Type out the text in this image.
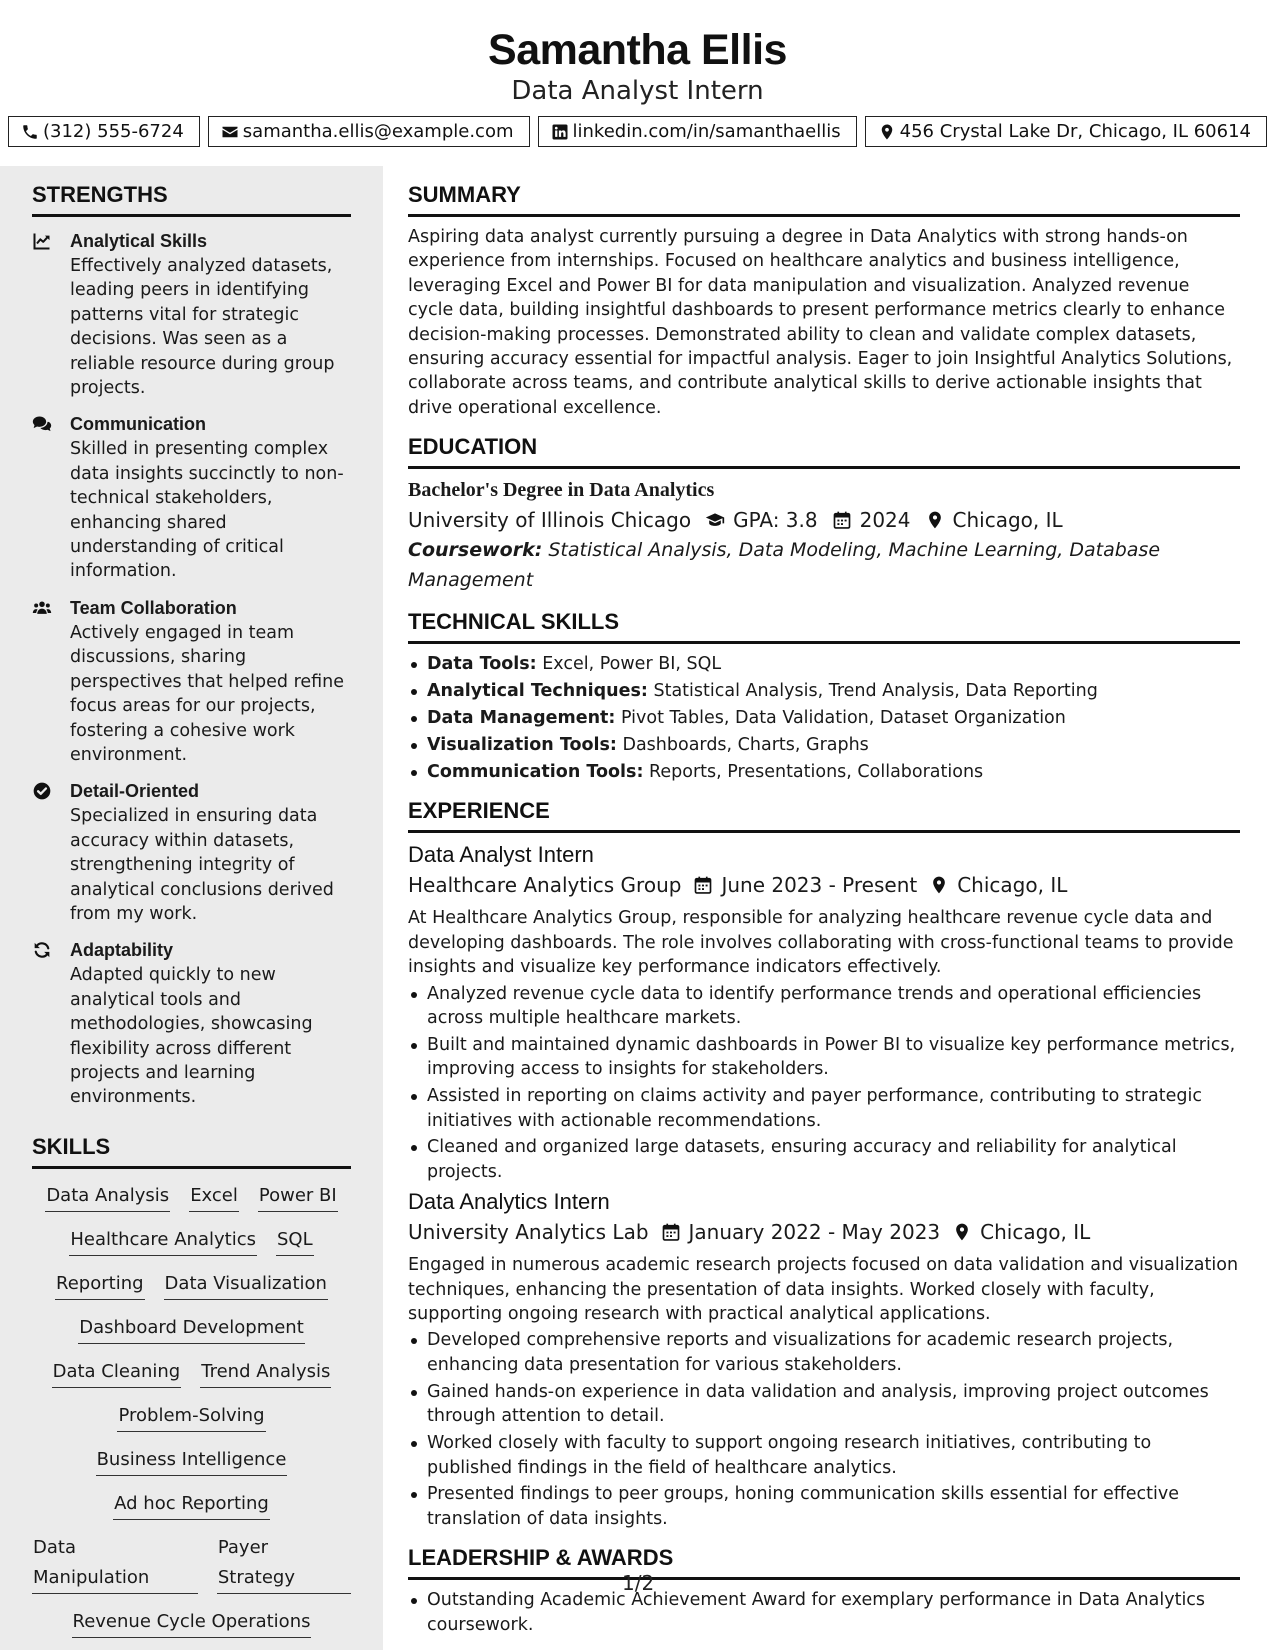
Samantha Ellis
Data Analyst Intern
(312) 555-6724	samantha.ellis@example.com	linkedin.com/in/samanthaellis	456 Crystal Lake Dr, Chicago, IL 60614
STRENGTHS
Analytical Skills
Effectively analyzed datasets, leading peers in identifying patterns vital for strategic decisions. Was seen as a reliable resource during group projects.
Communication
Skilled in presenting complex data insights succinctly to non-technical stakeholders, enhancing shared understanding of critical information.
Team Collaboration
Actively engaged in team discussions, sharing perspectives that helped refine focus areas for our projects, fostering a cohesive work environment.
Detail-Oriented
Specialized in ensuring data accuracy within datasets, strengthening integrity of analytical conclusions derived from my work.
Adaptability
Adapted quickly to new analytical tools and methodologies, showcasing flexibility across different projects and learning environments.
SKILLS
Data Analysis Excel Power BI
Healthcare Analytics SQL
Reporting Data Visualization
Dashboard Development
Data Cleaning Trend Analysis
Problem-Solving
Business Intelligence
Ad hoc Reporting
Data Manipulation
Payer Strategy
Revenue Cycle Operations
SUMMARY
Aspiring data analyst currently pursuing a degree in Data Analytics with strong hands-on experience from internships. Focused on healthcare analytics and business intelligence, leveraging Excel and Power BI for data manipulation and visualization. Analyzed revenue cycle data, building insightful dashboards to present performance metrics clearly to enhance decision-making processes. Demonstrated ability to clean and validate complex datasets, ensuring accuracy essential for impactful analysis. Eager to join Insightful Analytics Solutions, collaborate across teams, and contribute analytical skills to derive actionable insights that drive operational excellence.
EDUCATION
Bachelor's Degree in Data Analytics
University of Illinois Chicago GPA: 3.8 2024 Chicago, IL
Coursework: Statistical Analysis, Data Modeling, Machine Learning, Database Management
TECHNICAL SKILLS
Data Tools: Excel, Power BI, SQL
Analytical Techniques: Statistical Analysis, Trend Analysis, Data Reporting
Data Management: Pivot Tables, Data Validation, Dataset Organization
Visualization Tools: Dashboards, Charts, Graphs
Communication Tools: Reports, Presentations, Collaborations
EXPERIENCE
Data Analyst Intern
Healthcare Analytics Group June 2023 - Present Chicago, IL
At Healthcare Analytics Group, responsible for analyzing healthcare revenue cycle data and developing dashboards. The role involves collaborating with cross-functional teams to provide insights and visualize key performance indicators effectively.
Analyzed revenue cycle data to identify performance trends and operational efficiencies across multiple healthcare markets.
Built and maintained dynamic dashboards in Power BI to visualize key performance metrics, improving access to insights for stakeholders.
Assisted in reporting on claims activity and payer performance, contributing to strategic initiatives with actionable recommendations.
Cleaned and organized large datasets, ensuring accuracy and reliability for analytical projects.
Data Analytics Intern
University Analytics Lab January 2022 - May 2023 Chicago, IL
Engaged in numerous academic research projects focused on data validation and visualization techniques, enhancing the presentation of data insights. Worked closely with faculty, supporting ongoing research with practical analytical applications.
Developed comprehensive reports and visualizations for academic research projects, enhancing data presentation for various stakeholders.
Gained hands-on experience in data validation and analysis, improving project outcomes through attention to detail.
Worked closely with faculty to support ongoing research initiatives, contributing to published findings in the field of healthcare analytics.
Presented findings to peer groups, honing communication skills essential for effective translation of data insights.
LEADERSHIP & AWARDS
Outstanding Academic Achievement Award for exemplary performance in Data Analytics coursework.
1/2
